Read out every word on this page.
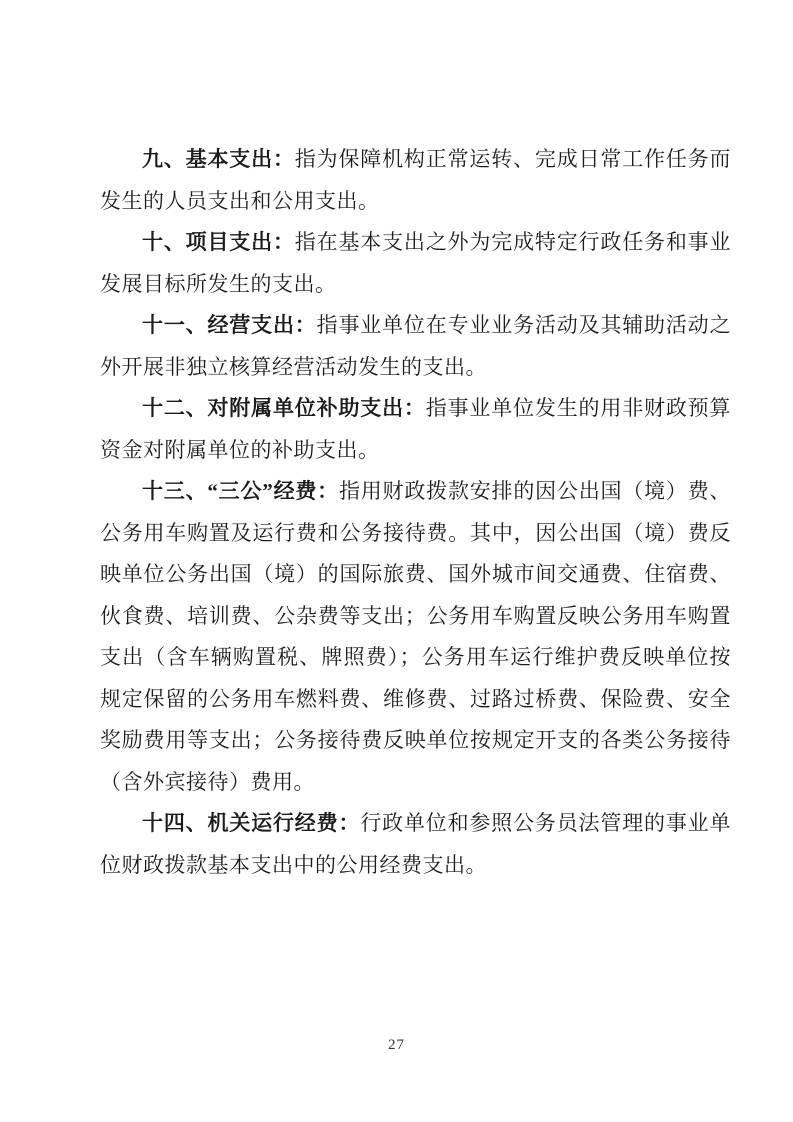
九、基本支出：指为保障机构正常运转、完成日常工作任务而发生的人员支出和公用支出。

十、项目支出：指在基本支出之外为完成特定行政任务和事业发展目标所发生的支出。

十一、经营支出：指事业单位在专业业务活动及其辅助活动之外开展非独立核算经营活动发生的支出。

十二、对附属单位补助支出：指事业单位发生的用非财政预算资金对附属单位的补助支出。

十三、“三公”经费：指用财政拨款安排的因公出国（境）费、公务用车购置及运行费和公务接待费。其中，因公出国（境）费反映单位公务出国（境）的国际旅费、国外城市间交通费、住宿费、伙食费、培训费、公杂费等支出；公务用车购置反映公务用车购置支出（含车辆购置税、牌照费）；公务用车运行维护费反映单位按规定保留的公务用车燃料费、维修费、过路过桥费、保险费、安全奖励费用等支出；公务接待费反映单位按规定开支的各类公务接待（含外宾接待）费用。

十四、机关运行经费：行政单位和参照公务员法管理的事业单位财政拨款基本支出中的公用经费支出。

27
